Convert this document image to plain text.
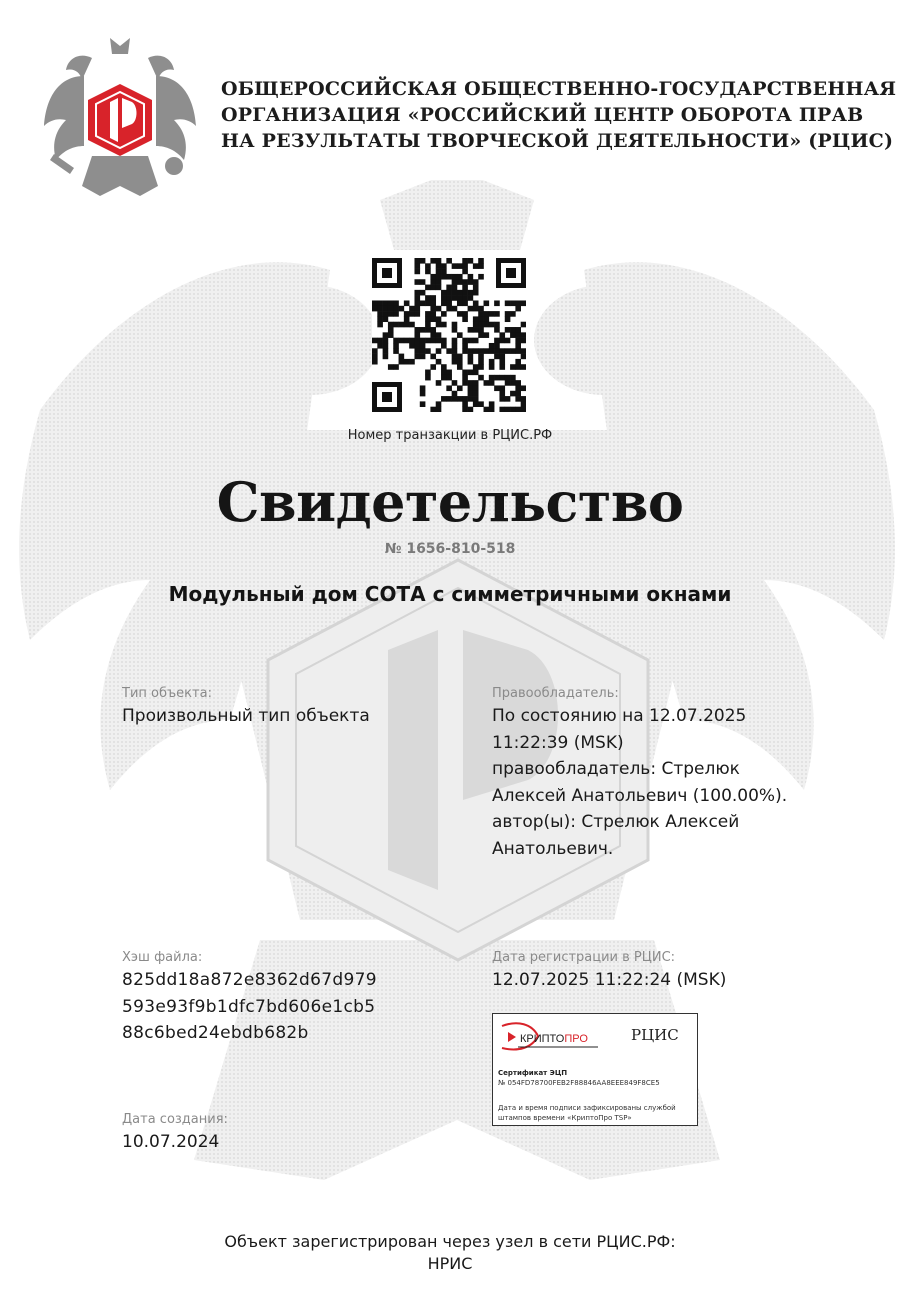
ОБЩЕРОССИЙСКАЯ ОБЩЕСТВЕННО-ГОСУДАРСТВЕННАЯ
ОРГАНИЗАЦИЯ «РОССИЙСКИЙ ЦЕНТР ОБОРОТА ПРАВ
НА РЕЗУЛЬТАТЫ ТВОРЧЕСКОЙ ДЕЯТЕЛЬНОСТИ» (РЦИС)
Номер транзакции в РЦИС.РФ
Свидетельство
№ 1656-810-518
Модульный дом СОТА с симметричными окнами
Тип объекта:
Произвольный тип объекта
Хэш файла:
825dd18a872e8362d67d979
593e93f9b1dfc7bd606e1cb5
88c6bed24ebdb682b
Дата создания:
10.07.2024
Правообладатель:
По состоянию на 12.07.2025
11:22:39 (MSK)
правообладатель: Стрелюк
Алексей Анатольевич (100.00%).
автор(ы): Стрелюк Алексей
Анатольевич.
Дата регистрации в РЦИС:
12.07.2025 11:22:24 (MSK)
КРИПТОПРО	РЦИС
Сертификат ЭЦП
№ 054FD78700FEB2F88846AA8EEE849F8CE5
Дата и время подписи зафиксированы службой штампов времени «КриптоПро TSP»
Объект зарегистрирован через узел в сети РЦИС.РФ:
НРИС
